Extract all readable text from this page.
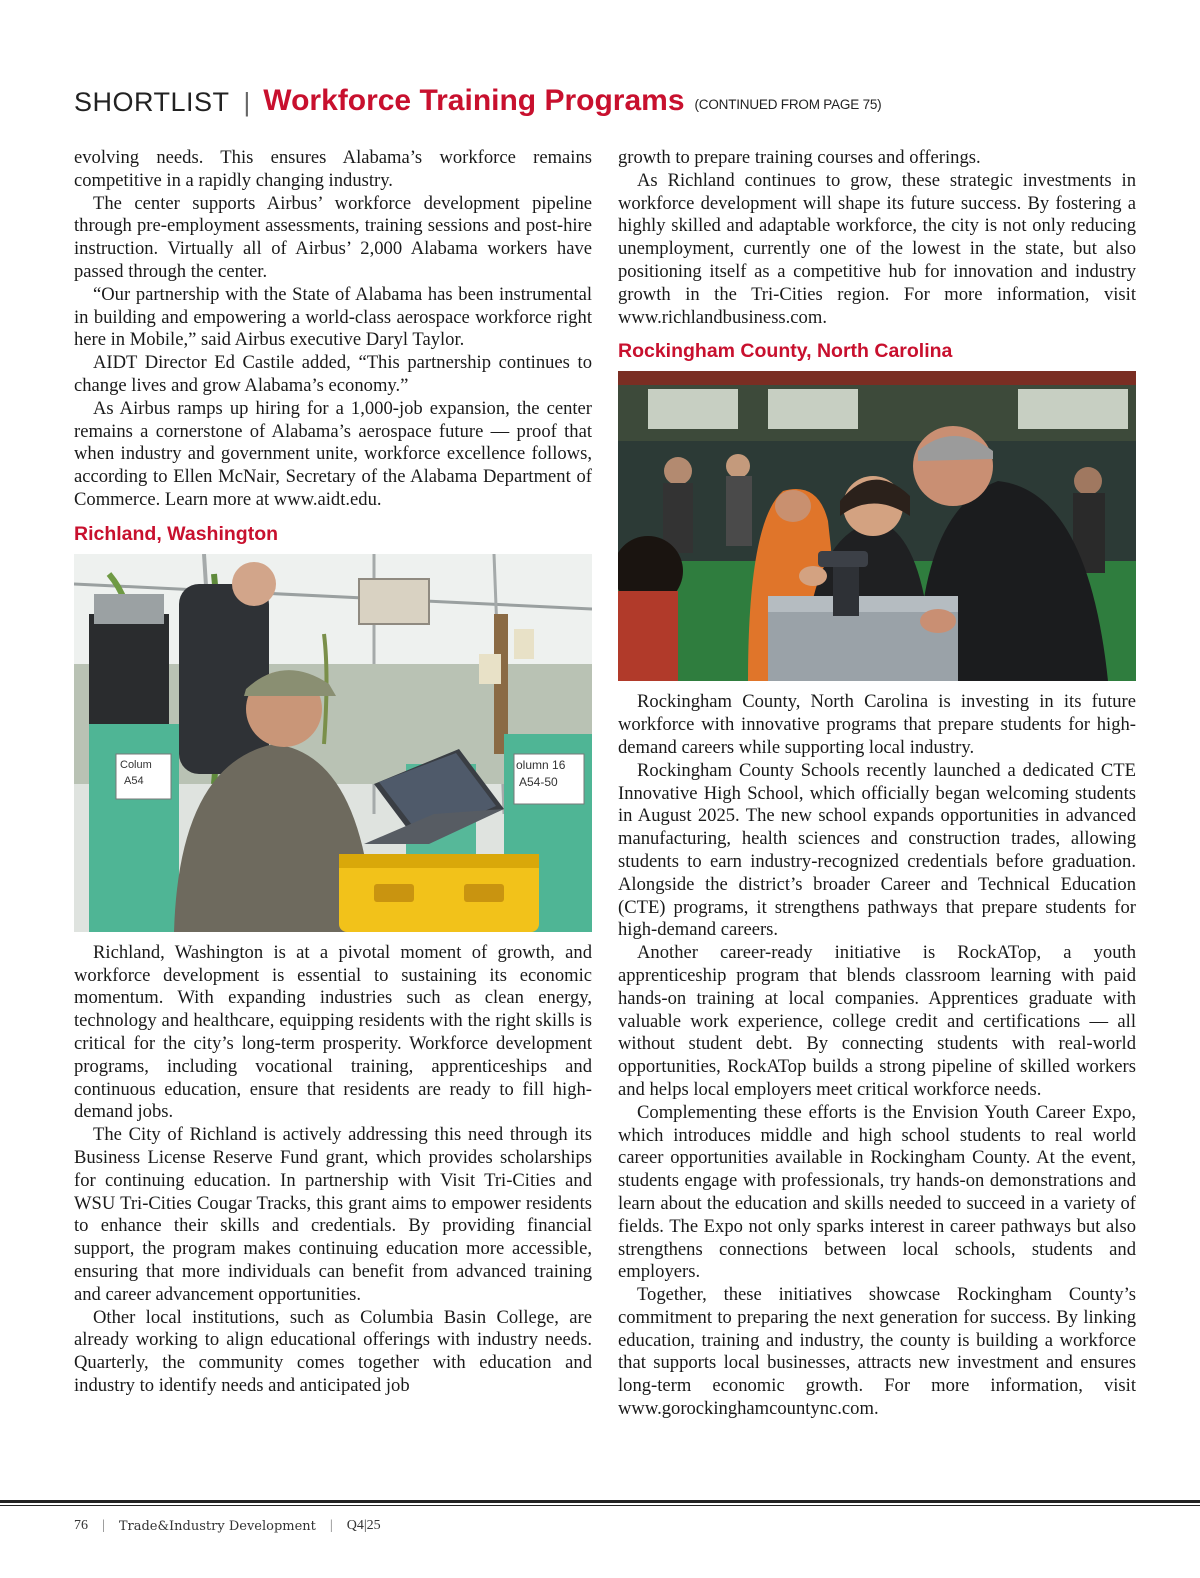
SHORTLIST | Workforce Training Programs (CONTINUED FROM PAGE 75)

evolving needs. This ensures Alabama’s workforce remains competitive in a rapidly changing industry.

The center supports Airbus’ workforce development pipeline through pre-employment assessments, training sessions and post-hire instruction. Virtually all of Airbus’ 2,000 Alabama workers have passed through the center.

“Our partnership with the State of Alabama has been instrumental in building and empowering a world-class aerospace workforce right here in Mobile,” said Airbus executive Daryl Taylor.

AIDT Director Ed Castile added, “This partnership continues to change lives and grow Alabama’s economy.”

As Airbus ramps up hiring for a 1,000-job expansion, the center remains a cornerstone of Alabama’s aerospace future — proof that when industry and government unite, workforce excellence follows, according to Ellen McNair, Secretary of the Alabama Department of Commerce. Learn more at www.aidt.edu.

Richland, Washington
Colum
A54
olumn 16
A54-50

Richland, Washington is at a pivotal moment of growth, and workforce development is essential to sustaining its economic momentum. With expanding industries such as clean energy, technology and healthcare, equipping residents with the right skills is critical for the city’s long-term prosperity. Workforce development programs, including vocational training, apprenticeships and continuous education, ensure that residents are ready to fill high-demand jobs.

The City of Richland is actively addressing this need through its Business License Reserve Fund grant, which provides scholarships for continuing education. In partnership with Visit Tri-Cities and WSU Tri-Cities Cougar Tracks, this grant aims to empower residents to enhance their skills and credentials. By providing financial support, the program makes continuing education more accessible, ensuring that more individuals can benefit from advanced training and career advancement opportunities.

Other local institutions, such as Columbia Basin College, are already working to align educational offerings with industry needs. Quarterly, the community comes together with education and industry to identify needs and anticipated job

growth to prepare training courses and offerings.

As Richland continues to grow, these strategic investments in workforce development will shape its future success. By fostering a highly skilled and adaptable workforce, the city is not only reducing unemployment, currently one of the lowest in the state, but also positioning itself as a competitive hub for innovation and industry growth in the Tri-Cities region. For more information, visit www.richlandbusiness.com.

Rockingham County, North Carolina

Rockingham County, North Carolina is investing in its future workforce with innovative programs that prepare students for high-demand careers while supporting local industry.

Rockingham County Schools recently launched a dedicated CTE Innovative High School, which officially began welcoming students in August 2025. The new school expands opportunities in advanced manufacturing, health sciences and construction trades, allowing students to earn industry-recognized credentials before graduation. Alongside the district’s broader Career and Technical Education (CTE) programs, it strengthens pathways that prepare students for high-demand careers.

Another career-ready initiative is RockATop, a youth apprenticeship program that blends classroom learning with paid hands-on training at local companies. Apprentices graduate with valuable work experience, college credit and certifications — all without student debt. By connecting students with real-world opportunities, RockATop builds a strong pipeline of skilled workers and helps local employers meet critical workforce needs.

Complementing these efforts is the Envision Youth Career Expo, which introduces middle and high school students to real world career opportunities available in Rockingham County. At the event, students engage with professionals, try hands-on demonstrations and learn about the education and skills needed to succeed in a variety of fields. The Expo not only sparks interest in career pathways but also strengthens connections between local schools, students and employers.

Together, these initiatives showcase Rockingham County’s commitment to preparing the next generation for success. By linking education, training and industry, the county is building a workforce that supports local businesses, attracts new investment and ensures long-term economic growth. For more information, visit www.gorockinghamcountync.com.

76 | Trade&Industry Development | Q4|25
